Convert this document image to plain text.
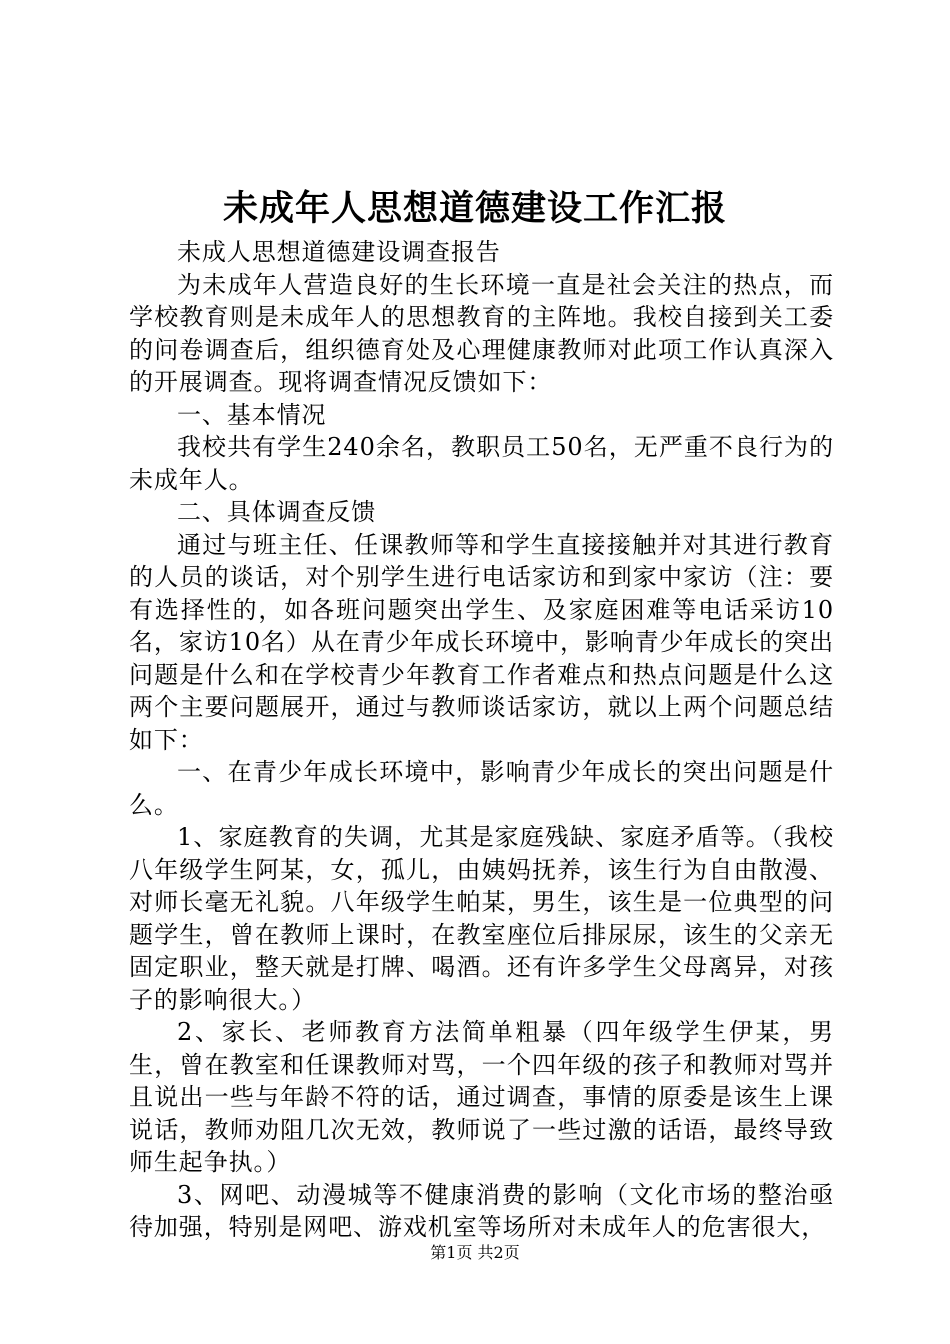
未成年人思想道德建设工作汇报

未成人思想道德建设调查报告

为未成年人营造良好的生长环境一直是社会关注的热点，而学校教育则是未成年人的思想教育的主阵地。我校自接到关工委的问卷调查后，组织德育处及心理健康教师对此项工作认真深入的开展调查。现将调查情况反馈如下：

一、基本情况

我校共有学生240余名，教职员工50名，无严重不良行为的未成年人。

二、具体调查反馈

通过与班主任、任课教师等和学生直接接触并对其进行教育的人员的谈话，对个别学生进行电话家访和到家中家访（注：要有选择性的，如各班问题突出学生、及家庭困难等电话采访10名，家访10名）从在青少年成长环境中，影响青少年成长的突出问题是什么和在学校青少年教育工作者难点和热点问题是什么这两个主要问题展开，通过与教师谈话家访，就以上两个问题总结如下：

一、在青少年成长环境中，影响青少年成长的突出问题是什么。

1、家庭教育的失调，尤其是家庭残缺、家庭矛盾等。（我校八年级学生阿某，女，孤儿，由姨妈抚养，该生行为自由散漫、对师长毫无礼貌。八年级学生帕某，男生，该生是一位典型的问题学生，曾在教师上课时，在教室座位后排尿尿，该生的父亲无固定职业，整天就是打牌、喝酒。还有许多学生父母离异，对孩子的影响很大。）

2、家长、老师教育方法简单粗暴（四年级学生伊某，男生，曾在教室和任课教师对骂，一个四年级的孩子和教师对骂并且说出一些与年龄不符的话，通过调查，事情的原委是该生上课说话，教师劝阻几次无效，教师说了一些过激的话语，最终导致师生起争执。）

3、网吧、动漫城等不健康消费的影响（文化市场的整治亟待加强，特别是网吧、游戏机室等场所对未成年人的危害很大，

第1页 共2页
